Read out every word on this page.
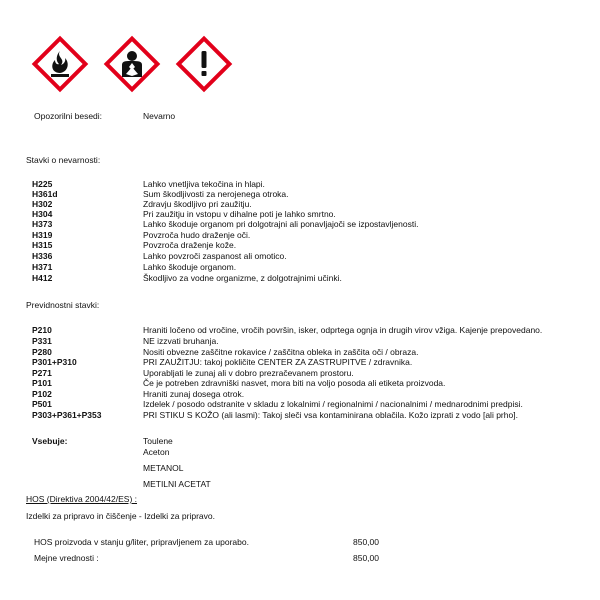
Opozorilni besedi:	Nevarno
Stavki o nevarnosti:
H225	Lahko vnetljiva tekočina in hlapi.
H361d	Sum škodljivosti za nerojenega otroka.
H302	Zdravju škodljivo pri zaužitju.
H304	Pri zaužitju in vstopu v dihalne poti je lahko smrtno.
H373	Lahko škoduje organom pri dolgotrajni ali ponavljajoči se izpostavljenosti.
H319	Povzroča hudo draženje oči.
H315	Povzroča draženje kože.
H336	Lahko povzroči zaspanost ali omotico.
H371	Lahko škoduje organom.
H412	Škodljivo za vodne organizme, z dolgotrajnimi učinki.
Previdnostni stavki:
P210	Hraniti ločeno od vročine, vročih površin, isker, odprtega ognja in drugih virov vžiga. Kajenje prepovedano.
P331	NE izzvati bruhanja.
P280	Nositi obvezne zaščitne rokavice / zaščitna obleka in zaščita oči / obraza.
P301+P310	PRI ZAUŽITJU: takoj pokličite CENTER ZA ZASTRUPITVE / zdravnika.
P271	Uporabljati le zunaj ali v dobro prezračevanem prostoru.
P101	Če je potreben zdravniški nasvet, mora biti na voljo posoda ali etiketa proizvoda.
P102	Hraniti zunaj dosega otrok.
P501	Izdelek / posodo odstranite v skladu z lokalnimi / regionalnimi / nacionalnimi / mednarodnimi predpisi.
P303+P361+P353	PRI STIKU S KOŽO (ali lasmi): Takoj sleči vsa kontaminirana oblačila. Kožo izprati z vodo [ali prho].
Vsebuje:	Toulene
Aceton
METANOL
METILNI ACETAT
HOS (Direktiva 2004/42/ES) :
Izdelki za pripravo in čiščenje - Izdelki za pripravo.
HOS proizvoda v stanju g/liter, pripravljenem za uporabo.	850,00
Mejne vrednosti :	850,00
